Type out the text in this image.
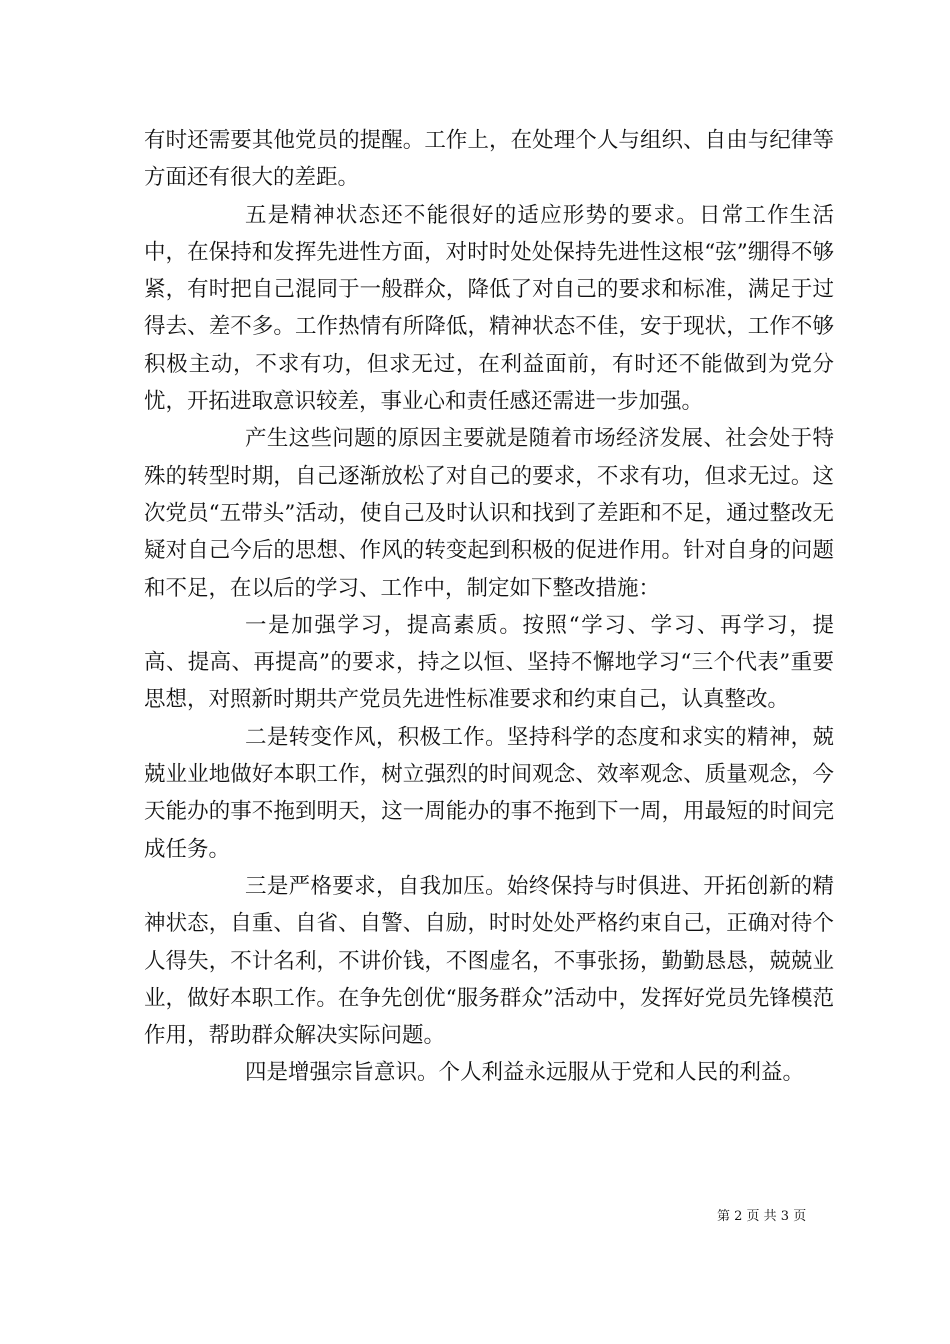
有时还需要其他党员的提醒。工作上，在处理个人与组织、自由与纪律等方面还有很大的差距。

五是精神状态还不能很好的适应形势的要求。日常工作生活中，在保持和发挥先进性方面，对时时处处保持先进性这根“弦”绷得不够紧，有时把自己混同于一般群众，降低了对自己的要求和标准，满足于过得去、差不多。工作热情有所降低，精神状态不佳，安于现状，工作不够积极主动，不求有功，但求无过，在利益面前，有时还不能做到为党分忧，开拓进取意识较差，事业心和责任感还需进一步加强。

产生这些问题的原因主要就是随着市场经济发展、社会处于特殊的转型时期，自己逐渐放松了对自己的要求，不求有功，但求无过。这次党员“五带头”活动，使自己及时认识和找到了差距和不足，通过整改无疑对自己今后的思想、作风的转变起到积极的促进作用。针对自身的问题和不足，在以后的学习、工作中，制定如下整改措施：

一是加强学习，提高素质。按照“学习、学习、再学习，提高、提高、再提高”的要求，持之以恒、坚持不懈地学习“三个代表”重要思想，对照新时期共产党员先进性标准要求和约束自己，认真整改。

二是转变作风，积极工作。坚持科学的态度和求实的精神，兢兢业业地做好本职工作，树立强烈的时间观念、效率观念、质量观念，今天能办的事不拖到明天，这一周能办的事不拖到下一周，用最短的时间完成任务。

三是严格要求，自我加压。始终保持与时俱进、开拓创新的精神状态，自重、自省、自警、自励，时时处处严格约束自己，正确对待个人得失，不计名利，不讲价钱，不图虚名，不事张扬，勤勤恳恳，兢兢业业，做好本职工作。在争先创优“服务群众”活动中，发挥好党员先锋模范作用，帮助群众解决实际问题。

四是增强宗旨意识。个人利益永远服从于党和人民的利益。

第 2 页 共 3 页
